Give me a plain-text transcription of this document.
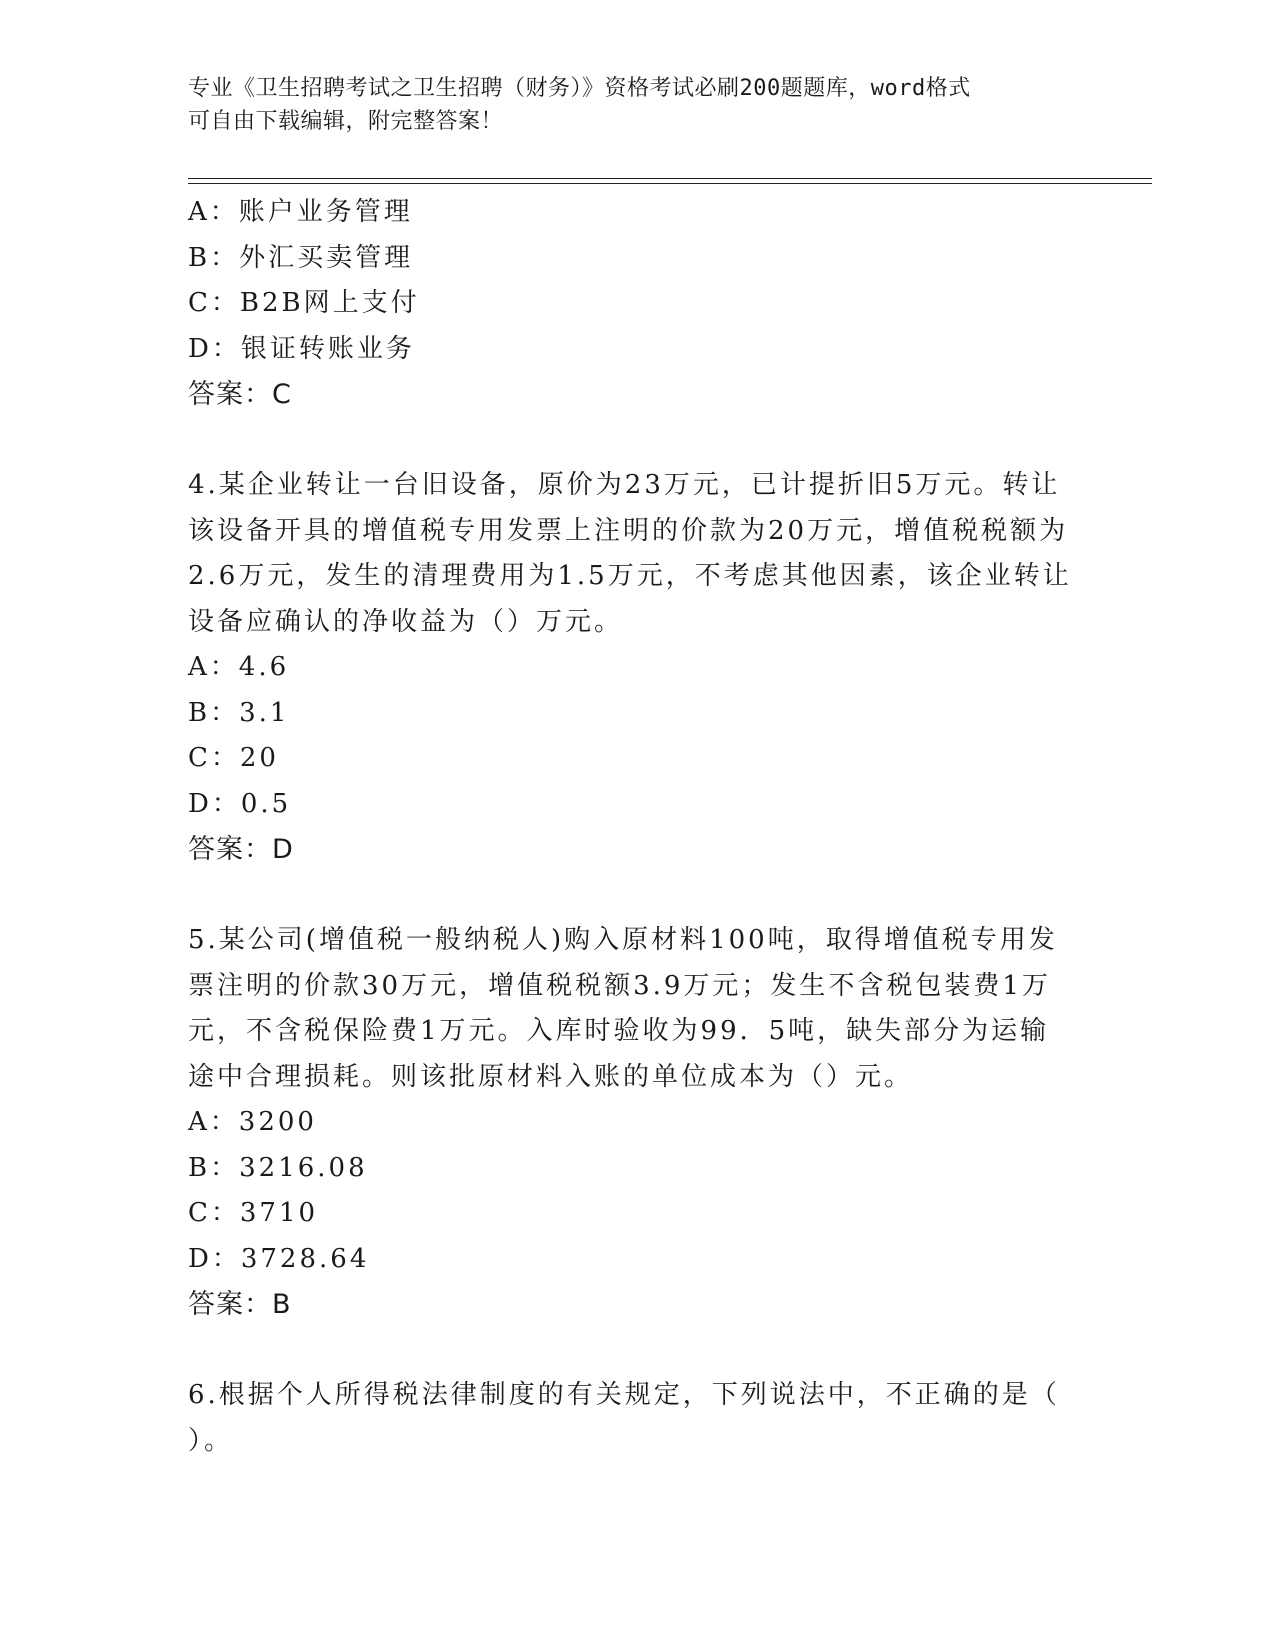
专业《卫生招聘考试之卫生招聘（财务）》资格考试必刷200题题库，word格式
可自由下载编辑，附完整答案！
A：账户业务管理
B：外汇买卖管理
C：B2B网上支付
D：银证转账业务
答案：C
4.某企业转让一台旧设备，原价为23万元，已计提折旧5万元。转让
该设备开具的增值税专用发票上注明的价款为20万元，增值税税额为
2.6万元，发生的清理费用为1.5万元，不考虑其他因素，该企业转让
设备应确认的净收益为（）万元。
A：4.6
B：3.1
C：20
D：0.5
答案：D
5.某公司(增值税一般纳税人)购入原材料100吨，取得增值税专用发
票注明的价款30万元，增值税税额3.9万元；发生不含税包装费1万
元，不含税保险费1万元。入库时验收为99．5吨，缺失部分为运输
途中合理损耗。则该批原材料入账的单位成本为（）元。
A：3200
B：3216.08
C：3710
D：3728.64
答案：B
6.根据个人所得税法律制度的有关规定，下列说法中，不正确的是（
）。
